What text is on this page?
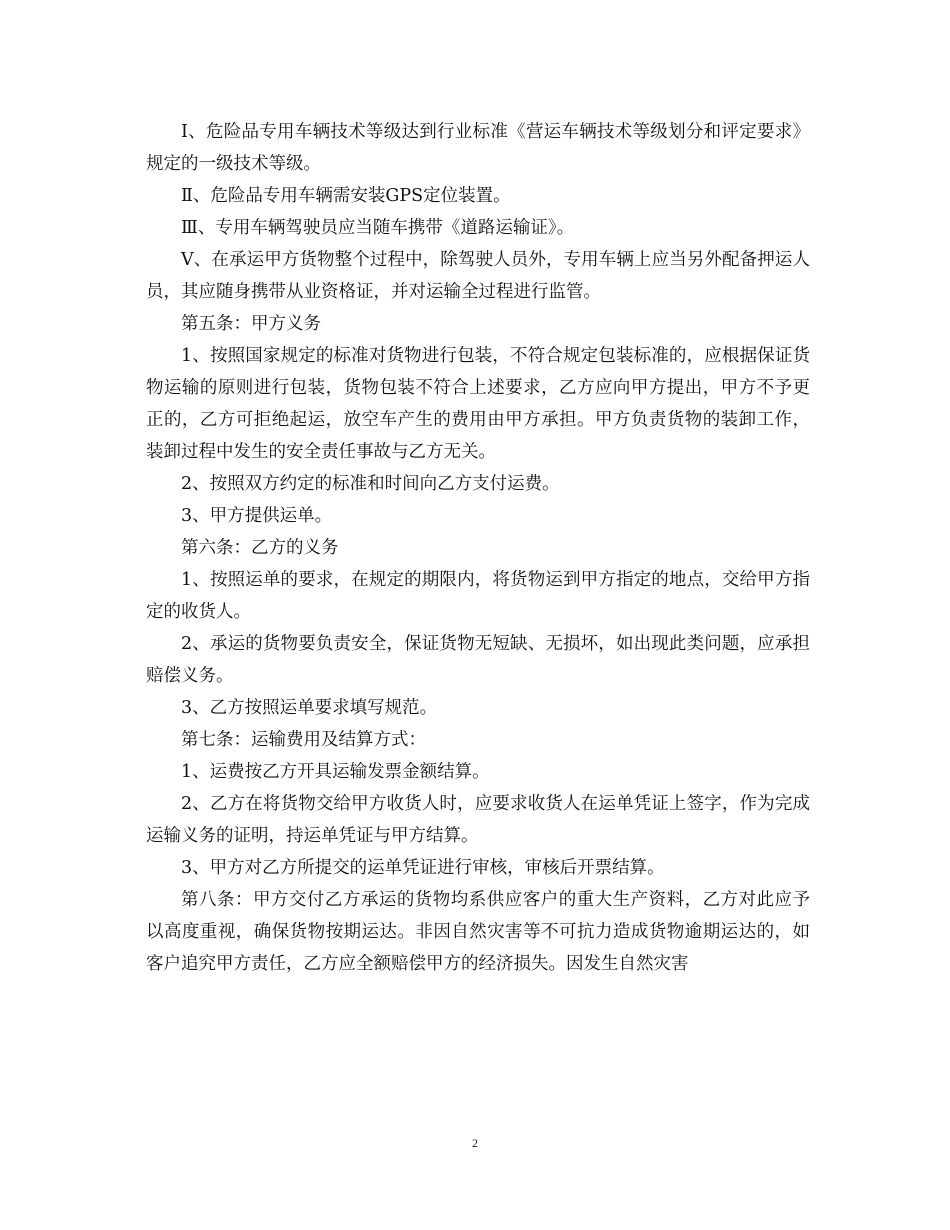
Ⅰ、危险品专用车辆技术等级达到行业标准《营运车辆技术等级划分和评定要求》规定的一级技术等级。

Ⅱ、危险品专用车辆需安装GPS定位装置。

Ⅲ、专用车辆驾驶员应当随车携带《道路运输证》。

Ⅴ、在承运甲方货物整个过程中，除驾驶人员外，专用车辆上应当另外配备押运人员，其应随身携带从业资格证，并对运输全过程进行监管。

第五条：甲方义务

1、按照国家规定的标准对货物进行包装，不符合规定包装标准的，应根据保证货物运输的原则进行包装，货物包装不符合上述要求，乙方应向甲方提出，甲方不予更正的，乙方可拒绝起运，放空车产生的费用由甲方承担。甲方负责货物的装卸工作，装卸过程中发生的安全责任事故与乙方无关。

2、按照双方约定的标准和时间向乙方支付运费。

3、甲方提供运单。

第六条：乙方的义务

1、按照运单的要求，在规定的期限内，将货物运到甲方指定的地点，交给甲方指定的收货人。

2、承运的货物要负责安全，保证货物无短缺、无损坏，如出现此类问题，应承担赔偿义务。

3、乙方按照运单要求填写规范。

第七条：运输费用及结算方式：

1、运费按乙方开具运输发票金额结算。

2、乙方在将货物交给甲方收货人时，应要求收货人在运单凭证上签字，作为完成运输义务的证明，持运单凭证与甲方结算。

3、甲方对乙方所提交的运单凭证进行审核，审核后开票结算。

第八条：甲方交付乙方承运的货物均系供应客户的重大生产资料，乙方对此应予以高度重视，确保货物按期运达。非因自然灾害等不可抗力造成货物逾期运达的，如客户追究甲方责任，乙方应全额赔偿甲方的经济损失。因发生自然灾害

2
